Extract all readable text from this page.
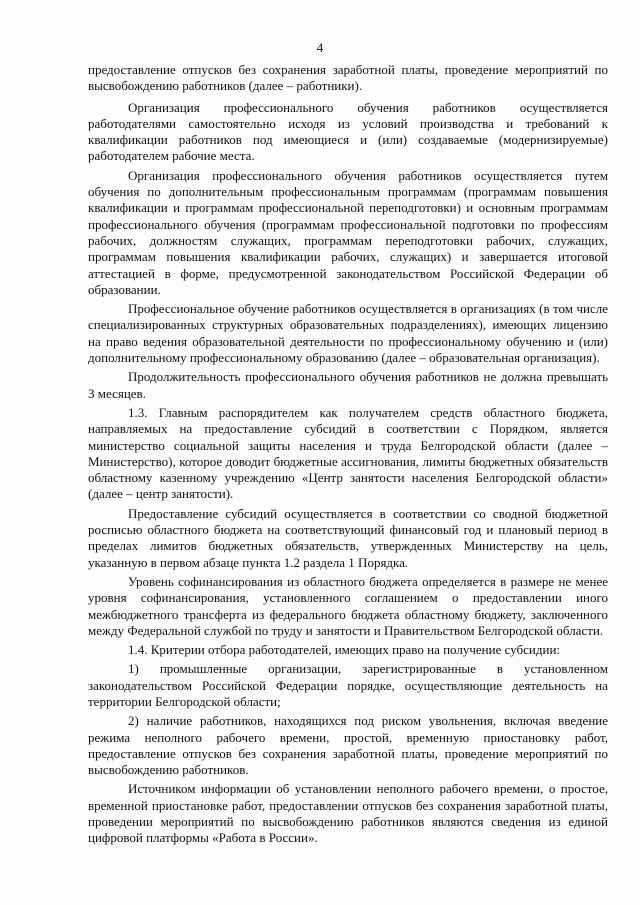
4

предоставление отпусков без сохранения заработной платы, проведение мероприятий по высвобождению работников (далее – работники).

Организация профессионального обучения работников осуществляется работодателями самостоятельно исходя из условий производства и требований к квалификации работников под имеющиеся и (или) создаваемые (модернизируемые) работодателем рабочие места.

Организация профессионального обучения работников осуществляется путем обучения по дополнительным профессиональным программам (программам повышения квалификации и программам профессиональной переподготовки) и основным программам профессионального обучения (программам профессиональной подготовки по профессиям рабочих, должностям служащих, программам переподготовки рабочих, служащих, программам повышения квалификации рабочих, служащих) и завершается итоговой аттестацией в форме, предусмотренной законодательством Российской Федерации об образовании.

Профессиональное обучение работников осуществляется в организациях (в том числе специализированных структурных образовательных подразделениях), имеющих лицензию на право ведения образовательной деятельности по профессиональному обучению и (или) дополнительному профессиональному образованию (далее – образовательная организация).

Продолжительность профессионального обучения работников не должна превышать 3 месяцев.

1.3. Главным распорядителем как получателем средств областного бюджета, направляемых на предоставление субсидий в соответствии с Порядком, является министерство социальной защиты населения и труда Белгородской области (далее – Министерство), которое доводит бюджетные ассигнования, лимиты бюджетных обязательств областному казенному учреждению «Центр занятости населения Белгородской области» (далее – центр занятости).

Предоставление субсидий осуществляется в соответствии со сводной бюджетной росписью областного бюджета на соответствующий финансовый год и плановый период в пределах лимитов бюджетных обязательств, утвержденных Министерству на цель, указанную в первом абзаце пункта 1.2 раздела 1 Порядка.

Уровень софинансирования из областного бюджета определяется в размере не менее уровня софинансирования, установленного соглашением о предоставлении иного межбюджетного трансферта из федерального бюджета областному бюджету, заключенного между Федеральной службой по труду и занятости и Правительством Белгородской области.

1.4. Критерии отбора работодателей, имеющих право на получение субсидии:

1) промышленные организации, зарегистрированные в установленном законодательством Российской Федерации порядке, осуществляющие деятельность на территории Белгородской области;

2) наличие работников, находящихся под риском увольнения, включая введение режима неполного рабочего времени, простой, временную приостановку работ, предоставление отпусков без сохранения заработной платы, проведение мероприятий по высвобождению работников.

Источником информации об установлении неполного рабочего времени, о простое, временной приостановке работ, предоставлении отпусков без сохранения заработной платы, проведении мероприятий по высвобождению работников являются сведения из единой цифровой платформы «Работа в России».
